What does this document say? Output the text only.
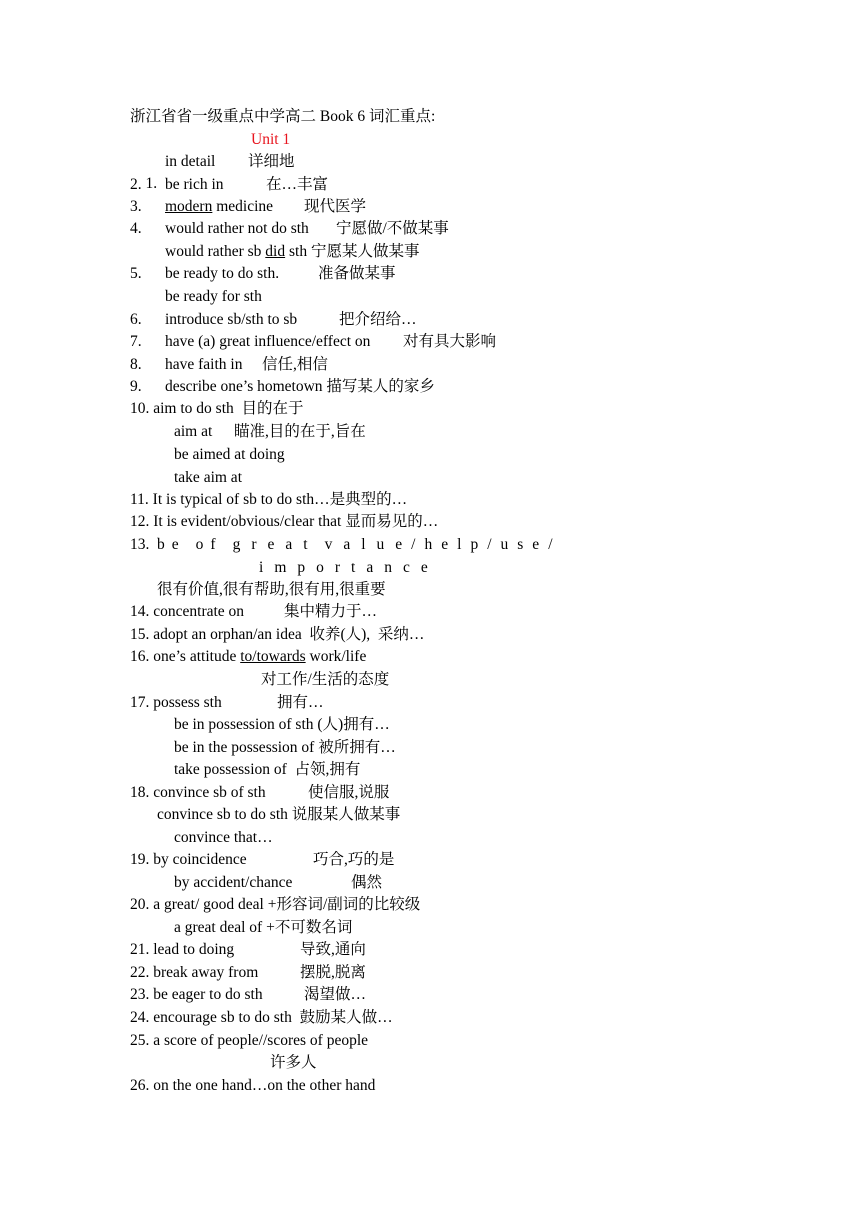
浙江省省一级重点中学高二 Book 6 词汇重点:
Unit 1

1.

in detail 详细地
2. be rich in	在…丰富
3. modern medicine 现代医学
4. would rather not do sth 宁愿做/不做某事
would rather sb did sth 宁愿某人做某事
5. be ready to do sth.	准备做某事
be ready for sth
6. introduce sb/sth to sb	把介绍给…
7. have (a) great influence/effect on 对有具大影响
8. have faith in 信任,相信
9. describe one’s hometown 描写某人的家乡
10. aim to do sth  目的在于
aim at 瞄准,目的在于,旨在
be aimed at doing
take aim at
11. It is typical of sb to do sth…是典型的…
12. It is evident/obvious/clear that 显而易见的…
13. b e o f g r e a t v a l u e / h e l p / u s e /
i m p o r t a n c e
很有价值,很有帮助,很有用,很重要
14. concentrate on	集中精力于…
15. adopt an orphan/an idea  收养(人),  采纳…
16. one’s attitude to/towards work/life
对工作/生活的态度
17. possess sth	拥有…
be in possession of sth (人)拥有…
be in the possession of 被所拥有…
take possession of  占领,拥有
18. convince sb of sth	使信服,说服
convince sb to do sth 说服某人做某事
convince that…
19. by coincidence	巧合,巧的是
by accident/chance	偶然
20. a great/ good deal +形容词/副词的比较级
a great deal of +不可数名词
21. lead to doing	导致,通向
22. break away from	摆脱,脱离
23. be eager to do sth	渴望做…
24. encourage sb to do sth  鼓励某人做…
25. a score of people//scores of people
许多人
26. on the one hand…on the other hand
